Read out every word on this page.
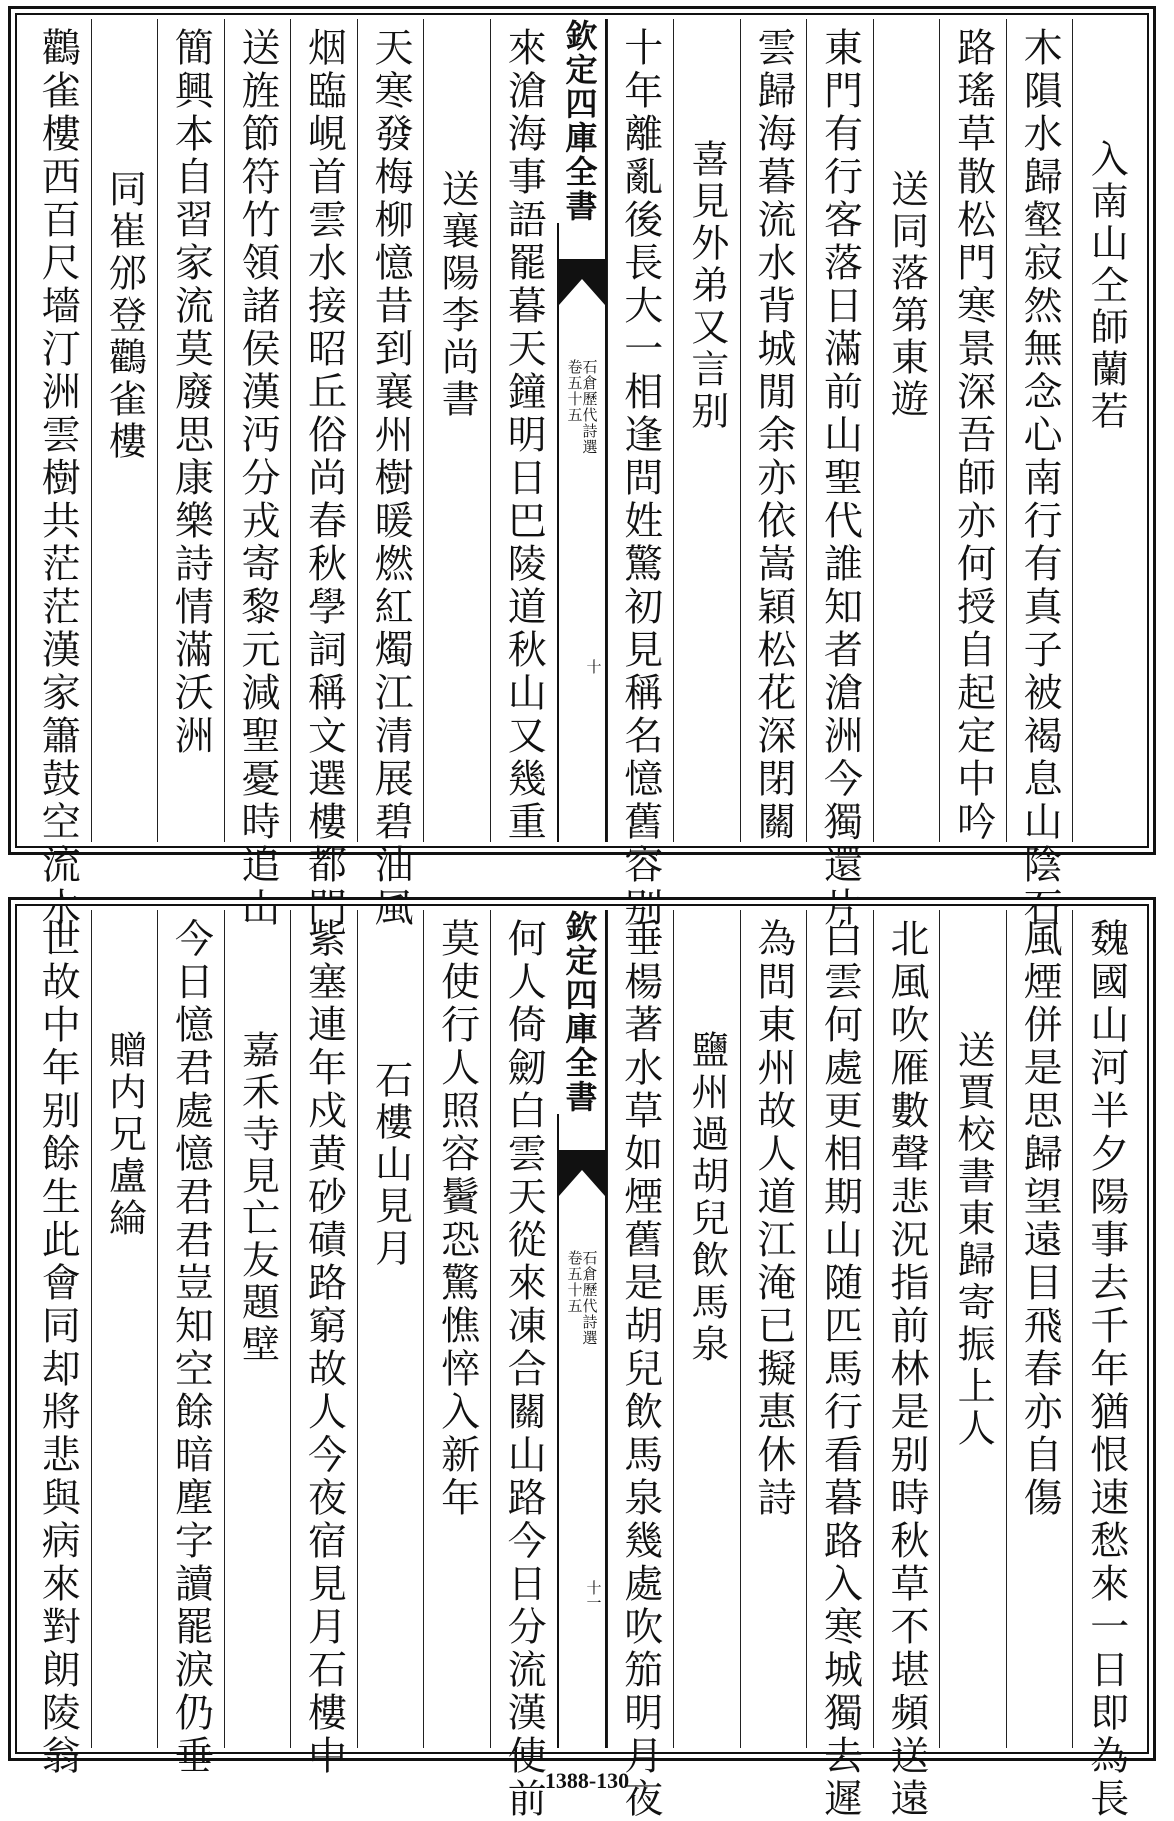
入南山仝師蘭若
木隕水歸壑寂然無念心南行有真子被褐息山陰石
路瑤草散松門寒景深吾師亦何授自起定中吟
送同落第東遊
東門有行客落日滿前山聖代誰知者滄洲今獨還片
雲歸海暮流水背城閒余亦依嵩穎松花深閉關
喜見外弟又言别
十年離亂後長大一相逢問姓驚初見稱名憶舊容别
欽定四庫全書
石倉歷代詩選
卷五十五
十
來滄海事語罷暮天鐘明日巴陵道秋山又幾重
送襄陽李尚書
天寒發梅柳憶昔到襄州樹暖燃紅燭江清展碧油風
烟臨峴首雲水接昭丘俗尚春秋學詞稱文選樓都門
送旌節符竹領諸侯漢沔分戎寄黎元減聖憂時追山
簡興本自習家流莫廢思康樂詩情滿沃洲
同崔邠登鸛雀樓
鸛雀樓西百尺墻汀洲雲樹共茫茫漢家簫鼓空流水
魏國山河半夕陽事去千年猶恨速愁來一日即為長
風煙併是思歸望遠目飛春亦自傷
送賈校書東歸寄振上人
北風吹雁數聲悲況指前林是别時秋草不堪頻送遠
白雲何處更相期山随匹馬行看暮路入寒城獨去遲
為問東州故人道江淹已擬惠休詩
鹽州過胡兒飲馬泉
垂楊著水草如煙舊是胡兒飲馬泉幾處吹笳明月夜
欽定四庫全書
石倉歷代詩選
卷五十五
十一
何人倚劒白雲天從來凍合關山路今日分流漢使前
莫使行人照容鬢恐驚憔悴入新年
石樓山見月
紫塞連年戍黄砂磧路窮故人今夜宿見月石樓中
嘉禾寺見亡友題壁
今日憶君處憶君君豈知空餘暗塵字讀罷淚仍垂
贈内兄盧綸
世故中年别餘生此會同却將悲與病來對朗陵翁
1388-130
